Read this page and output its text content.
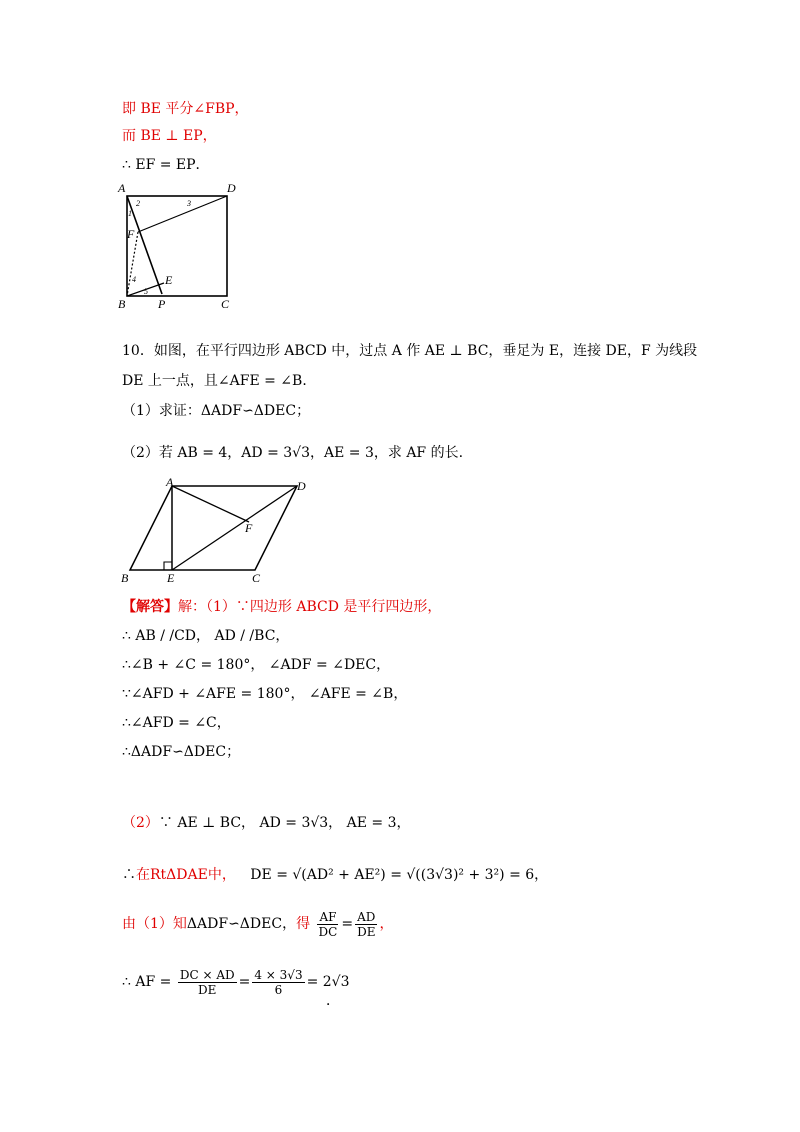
即 BE 平分∠FBP，
而 BE ⊥ EP，
∴ EF = EP．
A	D
F
E
B	P	C
1
2	3
4
5
10．如图，在平行四边形 ABCD 中，过点 A 作 AE ⊥ BC，垂足为 E，连接 DE，F 为线段
DE 上一点，且∠AFE = ∠B．
（1）求证：ΔADF∽ΔDEC；
（2）若 AB = 4，AD = 3√3，AE = 3，求 AF 的长.
A	D
F
B	E	C
【解答】解：（1）∵四边形 ABCD 是平行四边形，
∴ AB / /CD， AD / /BC，
∴∠B + ∠C = 180°， ∠ADF = ∠DEC，
∵∠AFD + ∠AFE = 180°， ∠AFE = ∠B，
∴∠AFD = ∠C，
∴ΔADF∽ΔDEC；
（2）∵ AE ⊥ BC， AD = 3√3， AE = 3，
∴在RtΔDAE中， DE = √(AD² + AE²) = √((3√3)² + 3²) = 6，
由（1）知ΔADF∽ΔDEC，得 $\frac{AF}{DC} = \frac{AD}{DE}$ ，
∴ AF = $\frac{DC \times AD}{DE} = \frac{4 \times 3√3}{6} = 2√3$
．
